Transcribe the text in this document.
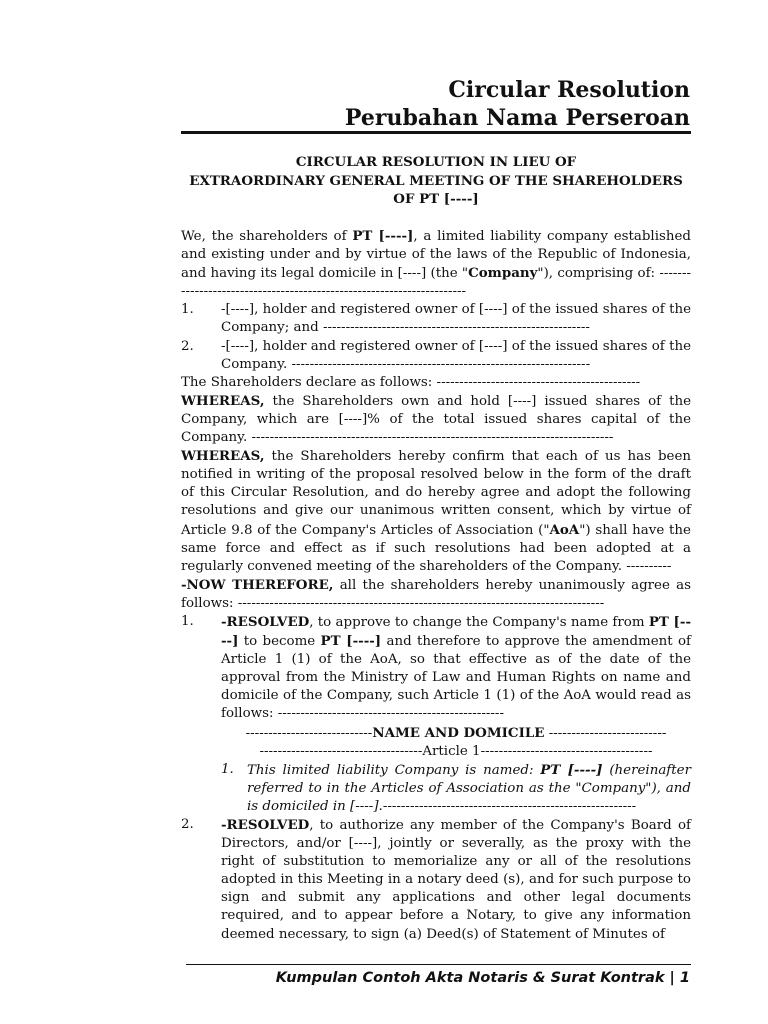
Circular Resolution
Perubahan Nama Perseroan
CIRCULAR RESOLUTION IN LIEU OF
EXTRAORDINARY GENERAL MEETING OF THE SHAREHOLDERS
OF PT [----]

We, the shareholders of PT [----], a limited liability company established and existing under and by virtue of the laws of the Republic of Indonesia, and having its legal domicile in [----] (the "Company"), comprising of: ----------------------------------------------------------------------

1.	-[----], holder and registered owner of [----] of the issued shares of the Company; and -----------------------------------------------------------
2.	-[----], holder and registered owner of [----] of the issued shares of the Company. ------------------------------------------------------------------
The Shareholders declare as follows: ---------------------------------------------

WHEREAS, the Shareholders own and hold [----] issued shares of the Company, which are [----]% of the total issued shares capital of the Company. --------------------------------------------------------------------------------

WHEREAS, the Shareholders hereby confirm that each of us has been notified in writing of the proposal resolved below in the form of the draft of this Circular Resolution, and do hereby agree and adopt the following resolutions and give our unanimous written consent, which by virtue of Article 9.8 of the Company's Articles of Association ("AoA") shall have the same force and effect as if such resolutions had been adopted at a regularly convened meeting of the shareholders of the Company. ----------

-NOW THEREFORE, all the shareholders hereby unanimously agree as follows: ---------------------------------------------------------------------------------

1.	-RESOLVED, to approve to change the Company's name from PT [----] to become PT [----] and therefore to approve the amendment of Article 1 (1) of the AoA, so that effective as of the date of the approval from the Ministry of Law and Human Rights on name and domicile of the Company, such Article 1 (1) of the AoA would read as follows: --------------------------------------------------
----------------------------NAME AND DOMICILE --------------------------
------------------------------------Article 1--------------------------------------
1. This limited liability Company is named: PT [----] (hereinafter referred to in the Articles of Association as the "Company"), and is domiciled in [----].--------------------------------------------------------
2.	-RESOLVED, to authorize any member of the Company's Board of Directors, and/or [----], jointly or severally, as the proxy with the right of substitution to memorialize any or all of the resolutions adopted in this Meeting in a notary deed (s), and for such purpose to sign and submit any applications and other legal documents required, and to appear before a Notary, to give any information deemed necessary, to sign (a) Deed(s) of Statement of Minutes of
Kumpulan Contoh Akta Notaris & Surat Kontrak | 1
